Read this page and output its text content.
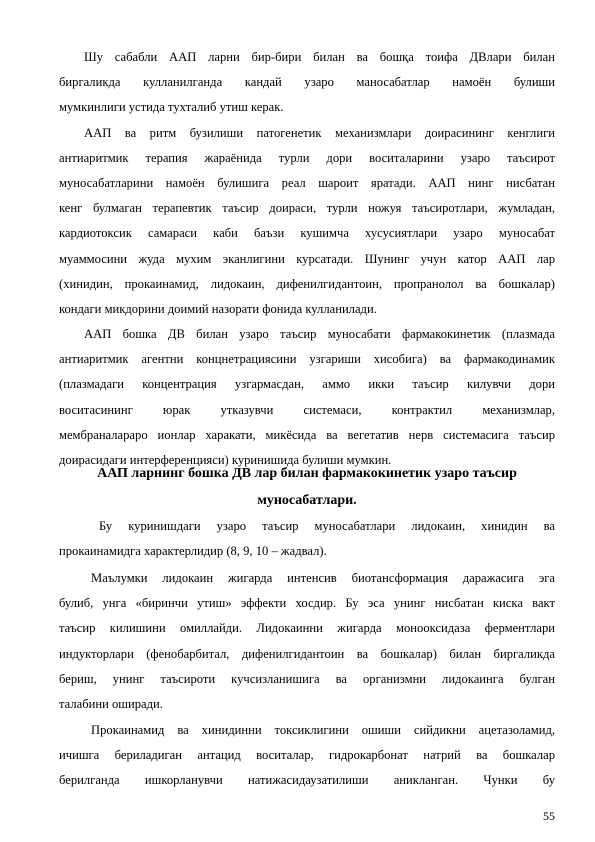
Шу сабабли ААП ларни бир-бири билан ва бошқа тоифа ДВлари билан
биргаликда кулланилганда кандай узаро маносабатлар намоён булиши
мумкинлиги устида тухталиб утиш керак.
ААП ва ритм бузилиши патогенетик механизмлари доирасининг кенглиги
антиаритмик терапия жараёнида турли дори воситаларини узаро таъсирот
муносабатларини намоён булишига реал шароит яратади. ААП нинг нисбатан
кенг булмаган терапевтик таъсир доираси, турли ножуя таъсиротлари, жумладан,
кардиотоксик самараси каби баъзи кушимча хусусиятлари узаро муносабат
муаммосини жуда мухим эканлигини курсатади. Шунинг учун катор ААП лар
(хинидин, прокаинамид, лидокаин, дифенилгидантоин, пропранолол ва бошкалар)
кондаги микдорини доимий назорати фонида кулланилади.
ААП бошка ДВ билан узаро таъсир муносабати фармакокинетик (плазмада
антиаритмик агентни концнетрациясини узгариши хисобига) ва фармакодинамик
(плазмадаги концентрация узгармасдан, аммо икки таъсир килувчи дори
воситасининг юрак утказувчи системаси, контрактил механизмлар,
мембраналараро ионлар харакати, микёсида ва вегетатив нерв системасига таъсир
доирасидаги интерференцияси) куринишида булиши мумкин.
ААП ларнинг бошка ДВ лар билан фармакокинетик узаро таъсир
муносабатлари.
Бу куринишдаги узаро таъсир муносабатлари лидокаин, хинидин ва
прокаинамидга характерлидир (8, 9, 10 – жадвал).
Маълумки лидокаин жигарда интенсив биотансформация даражасига эга
булиб, унга «биринчи утиш» эффекти хосдир. Бу эса унинг нисбатан киска вакт
таъсир килишини омиллайди. Лидокаинни жигарда монооксидаза ферментлари
индукторлари (фенобарбитал, дифенилгидантоин ва бошкалар) билан биргаликда
бериш, унинг таъсироти кучсизланишига ва организмни лидокаинга булган
талабини оширади.
Прокаинамид ва хинидинни токсиклигини ошиши сийдикни ацетазоламид,
ичишга бериладиган антацид воситалар, гидрокарбонат натрий ва бошкалар
берилганда ишкорланувчи натижасидаузатилиши аникланган. Чунки бу
55
